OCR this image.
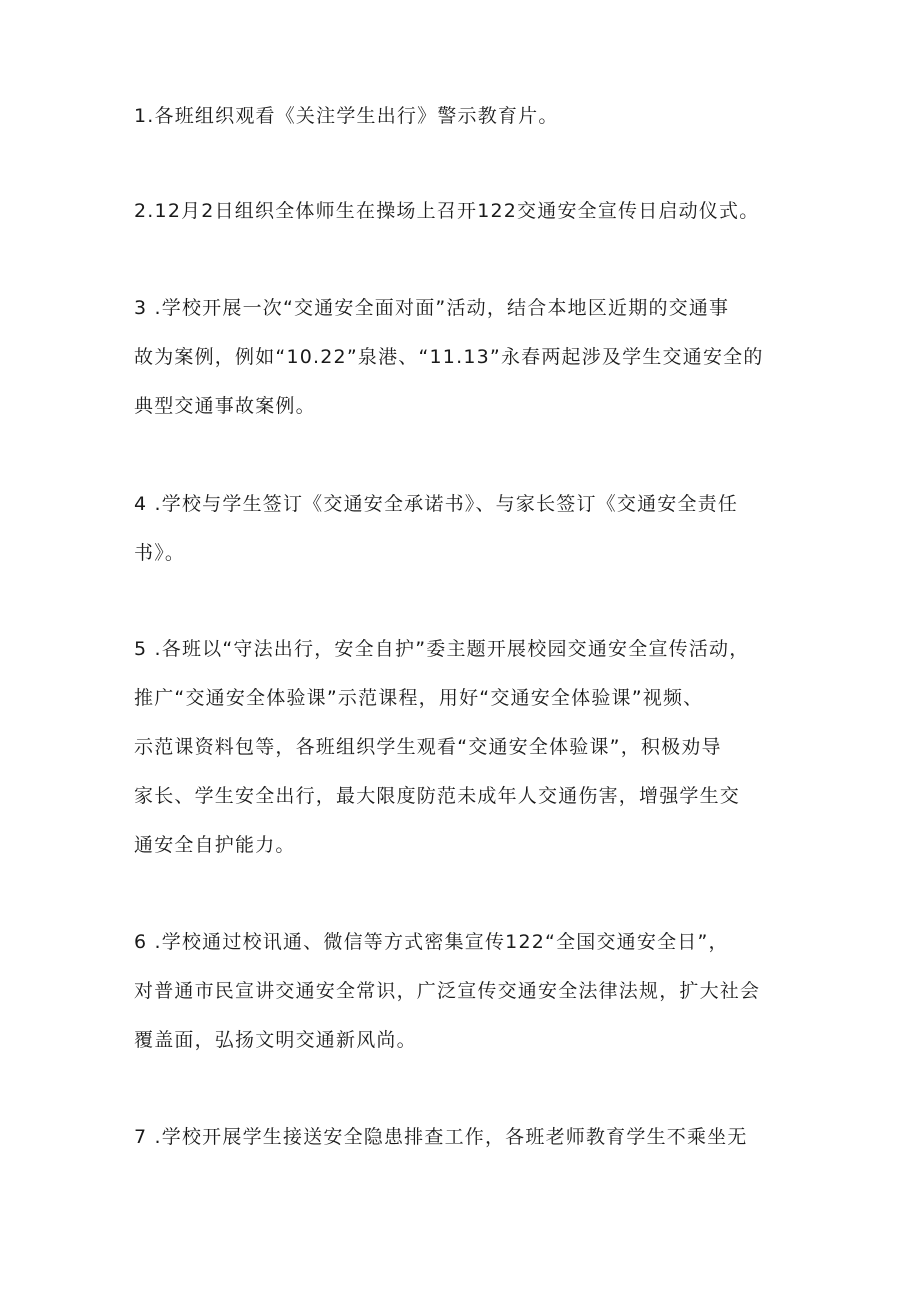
1.各班组织观看《关注学生出行》警示教育片。

2.12月2日组织全体师生在操场上召开122交通安全宣传日启动仪式。

3 .学校开展一次“交通安全面对面”活动，结合本地区近期的交通事
故为案例，例如“10.22”泉港、“11.13”永春两起涉及学生交通安全的
典型交通事故案例。

4 .学校与学生签订《交通安全承诺书》、与家长签订《交通安全责任
书》。

5 .各班以“守法出行，安全自护”委主题开展校园交通安全宣传活动，
推广“交通安全体验课”示范课程，用好“交通安全体验课”视频、
示范课资料包等，各班组织学生观看“交通安全体验课”，积极劝导
家长、学生安全出行，最大限度防范未成年人交通伤害，增强学生交
通安全自护能力。

6 .学校通过校讯通、微信等方式密集宣传122“全国交通安全日”，
对普通市民宣讲交通安全常识，广泛宣传交通安全法律法规，扩大社会
覆盖面，弘扬文明交通新风尚。

7 .学校开展学生接送安全隐患排查工作，各班老师教育学生不乘坐无
